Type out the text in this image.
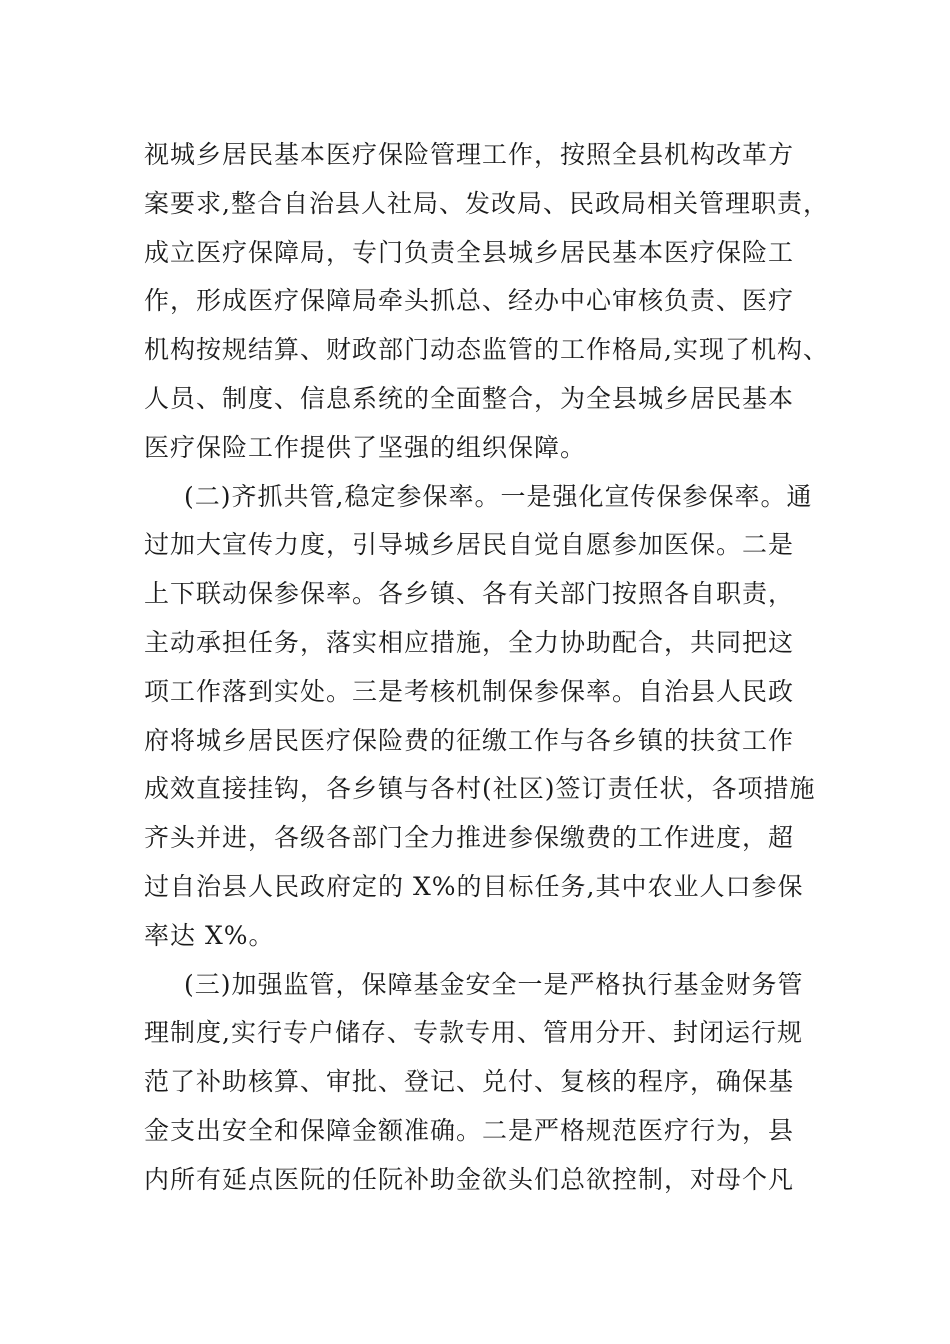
视城乡居民基本医疗保险管理工作，按照全县机构改革方
案要求,整合自治县人社局、发改局、民政局相关管理职责，
成立医疗保障局，专门负责全县城乡居民基本医疗保险工
作，形成医疗保障局牵头抓总、经办中心审核负责、医疗
机构按规结算、财政部门动态监管的工作格局,实现了机构、
人员、制度、信息系统的全面整合，为全县城乡居民基本
医疗保险工作提供了坚强的组织保障。
(二)齐抓共管,稳定参保率。一是强化宣传保参保率。通
过加大宣传力度，引导城乡居民自觉自愿参加医保。二是
上下联动保参保率。各乡镇、各有关部门按照各自职责，
主动承担任务，落实相应措施，全力协助配合，共同把这
项工作落到实处。三是考核机制保参保率。自治县人民政
府将城乡居民医疗保险费的征缴工作与各乡镇的扶贫工作
成效直接挂钩，各乡镇与各村(社区)签订责任状，各项措施
齐头并进，各级各部门全力推进参保缴费的工作进度，超
过自治县人民政府定的 X%的目标任务,其中农业人口参保
率达 X%。
(三)加强监管，保障基金安全一是严格执行基金财务管
理制度,实行专户储存、专款专用、管用分开、封闭运行规
范了补助核算、审批、登记、兑付、复核的程序，确保基
金支出安全和保障金额准确。二是严格规范医疗行为，县
内所有延点医阮的任阮补助金欲头们总欲控制，对母个凡
